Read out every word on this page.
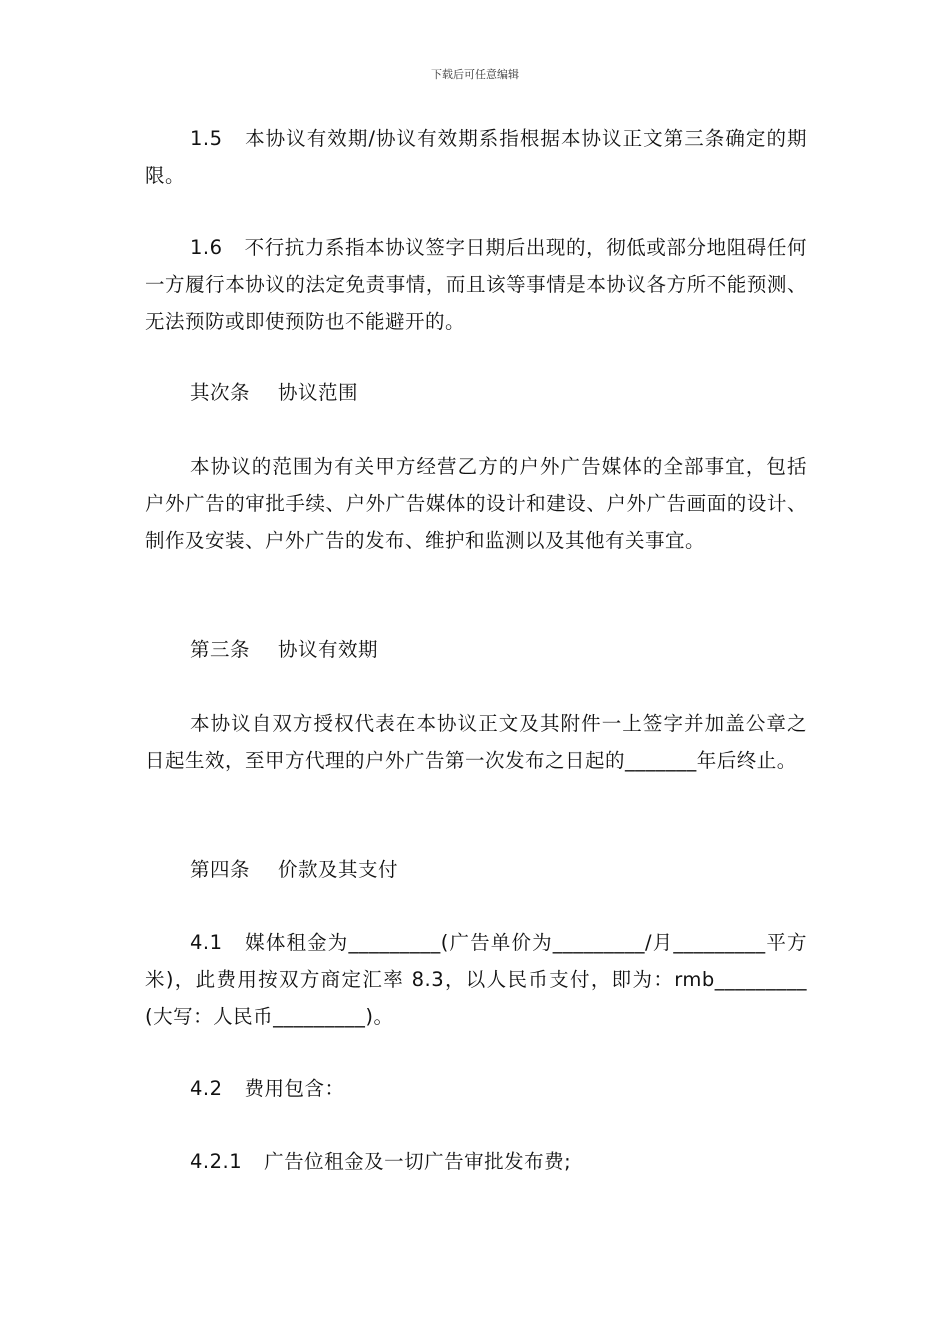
下载后可任意编辑

1.5 本协议有效期/协议有效期系指根据本协议正文第三条确定的期限。

1.6 不行抗力系指本协议签字日期后出现的，彻低或部分地阻碍任何一方履行本协议的法定免责事情，而且该等事情是本协议各方所不能预测、无法预防或即使预防也不能避开的。

其次条 协议范围

本协议的范围为有关甲方经营乙方的户外广告媒体的全部事宜，包括户外广告的审批手续、户外广告媒体的设计和建设、户外广告画面的设计、制作及安装、户外广告的发布、维护和监测以及其他有关事宜。

第三条 协议有效期

本协议自双方授权代表在本协议正文及其附件一上签字并加盖公章之日起生效，至甲方代理的户外广告第一次发布之日起的_______年后终止。

第四条 价款及其支付

4.1 媒体租金为_________(广告单价为_________/月_________平方米)，此费用按双方商定汇率 8.3，以人民币支付，即为：rmb_________(大写：人民币_________)。

4.2 费用包含：

4.2.1 广告位租金及一切广告审批发布费;
